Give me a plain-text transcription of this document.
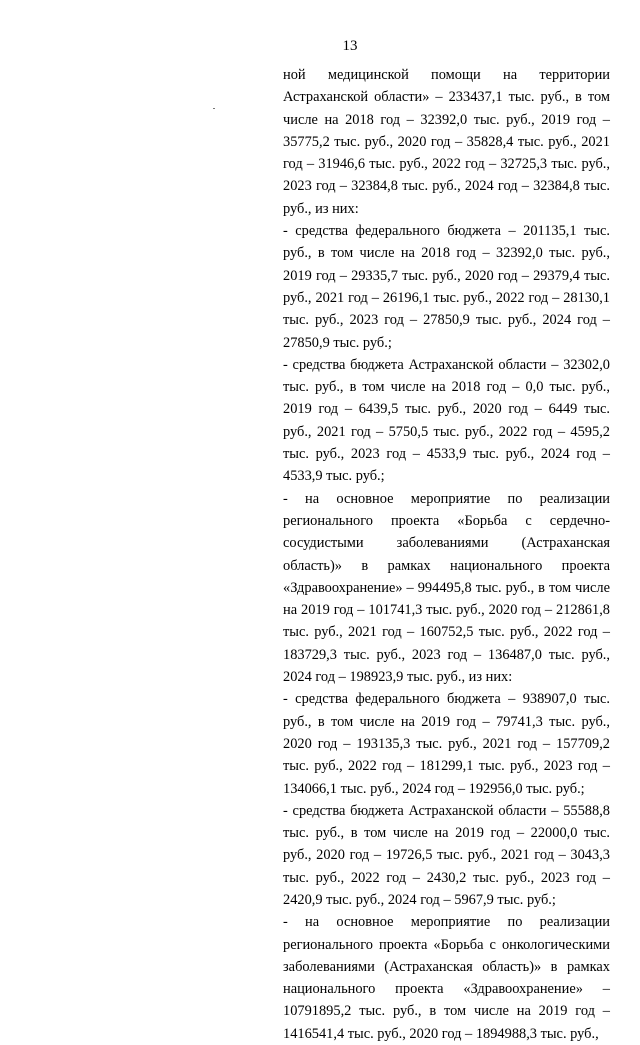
13

ной медицинской помощи на территории Астраханской области» – 233437,1 тыс. руб., в том числе на 2018 год – 32392,0 тыс. руб., 2019 год – 35775,2 тыс. руб., 2020 год – 35828,4 тыс. руб., 2021 год – 31946,6 тыс. руб., 2022 год – 32725,3 тыс. руб., 2023 год – 32384,8 тыс. руб., 2024 год – 32384,8 тыс. руб., из них:

- средства федерального бюджета – 201135,1 тыс. руб., в том числе на 2018 год – 32392,0 тыс. руб., 2019 год – 29335,7 тыс. руб., 2020 год – 29379,4 тыс. руб., 2021 год – 26196,1 тыс. руб., 2022 год – 28130,1 тыс. руб., 2023 год – 27850,9 тыс. руб., 2024 год – 27850,9 тыс. руб.;

- средства бюджета Астраханской области – 32302,0 тыс. руб., в том числе на 2018 год – 0,0 тыс. руб., 2019 год – 6439,5 тыс. руб., 2020 год – 6449 тыс. руб., 2021 год – 5750,5 тыс. руб., 2022 год – 4595,2 тыс. руб., 2023 год – 4533,9 тыс. руб., 2024 год – 4533,9 тыс. руб.;

- на основное мероприятие по реализации регионального проекта «Борьба с сердечно-сосудистыми заболеваниями (Астраханская область)» в рамках национального проекта «Здравоохранение» – 994495,8 тыс. руб., в том числе на 2019 год – 101741,3 тыс. руб., 2020 год – 212861,8 тыс. руб., 2021 год – 160752,5 тыс. руб., 2022 год – 183729,3 тыс. руб., 2023 год – 136487,0 тыс. руб., 2024 год – 198923,9 тыс. руб., из них:

- средства федерального бюджета – 938907,0 тыс. руб., в том числе на 2019 год – 79741,3 тыс. руб., 2020 год – 193135,3 тыс. руб., 2021 год – 157709,2 тыс. руб., 2022 год – 181299,1 тыс. руб., 2023 год – 134066,1 тыс. руб., 2024 год – 192956,0 тыс. руб.;

- средства бюджета Астраханской области – 55588,8 тыс. руб., в том числе на 2019 год – 22000,0 тыс. руб., 2020 год – 19726,5 тыс. руб., 2021 год – 3043,3 тыс. руб., 2022 год – 2430,2 тыс. руб., 2023 год – 2420,9 тыс. руб., 2024 год – 5967,9 тыс. руб.;

- на основное мероприятие по реализации регионального проекта «Борьба с онкологическими заболеваниями (Астраханская область)» в рамках национального проекта «Здравоохранение» – 10791895,2 тыс. руб., в том числе на 2019 год – 1416541,4 тыс. руб., 2020 год – 1894988,3 тыс. руб.,
